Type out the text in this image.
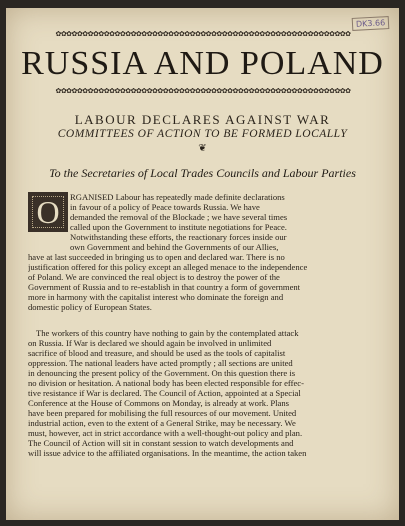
DK3.66
✿✿✿✿✿✿✿✿✿✿✿✿✿✿✿✿✿✿✿✿✿✿✿✿✿✿✿✿✿✿✿✿✿✿✿✿✿✿✿✿✿✿✿✿✿✿✿✿✿✿✿✿✿✿✿
RUSSIA AND POLAND
✿✿✿✿✿✿✿✿✿✿✿✿✿✿✿✿✿✿✿✿✿✿✿✿✿✿✿✿✿✿✿✿✿✿✿✿✿✿✿✿✿✿✿✿✿✿✿✿✿✿✿✿✿✿✿
LABOUR DECLARES AGAINST WAR
COMMITTEES OF ACTION TO BE FORMED LOCALLY
❦
To the Secretaries of Local Trades Councils and Labour Parties
O	RGANISED Labour has repeatedly made definite declarations
in favour of a policy of Peace towards Russia. We have
demanded the removal of the Blockade ; we have several times
called upon the Government to institute negotiations for Peace.
Notwithstanding these efforts, the reactionary forces inside our
own Government and behind the Governments of our Allies,
have at last succeeded in bringing us to open and declared war. There is no
justification offered for this policy except an alleged menace to the independence
of Poland. We are convinced the real object is to destroy the power of the
Government of Russia and to re-establish in that country a form of government
more in harmony with the capitalist interest who dominate the foreign and
domestic policy of European States.
The workers of this country have nothing to gain by the contemplated attack
on Russia. If War is declared we should again be involved in unlimited
sacrifice of blood and treasure, and should be used as the tools of capitalist
oppression. The national leaders have acted promptly ; all sections are united
in denouncing the present policy of the Government. On this question there is
no division or hesitation. A national body has been elected responsible for effec-
tive resistance if War is declared. The Council of Action, appointed at a Special
Conference at the House of Commons on Monday, is already at work. Plans
have been prepared for mobilising the full resources of our movement. United
industrial action, even to the extent of a General Strike, may be necessary. We
must, however, act in strict accordance with a well-thought-out policy and plan.
The Council of Action will sit in constant session to watch developments and
will issue advice to the affiliated organisations. In the meantime, the action taken
